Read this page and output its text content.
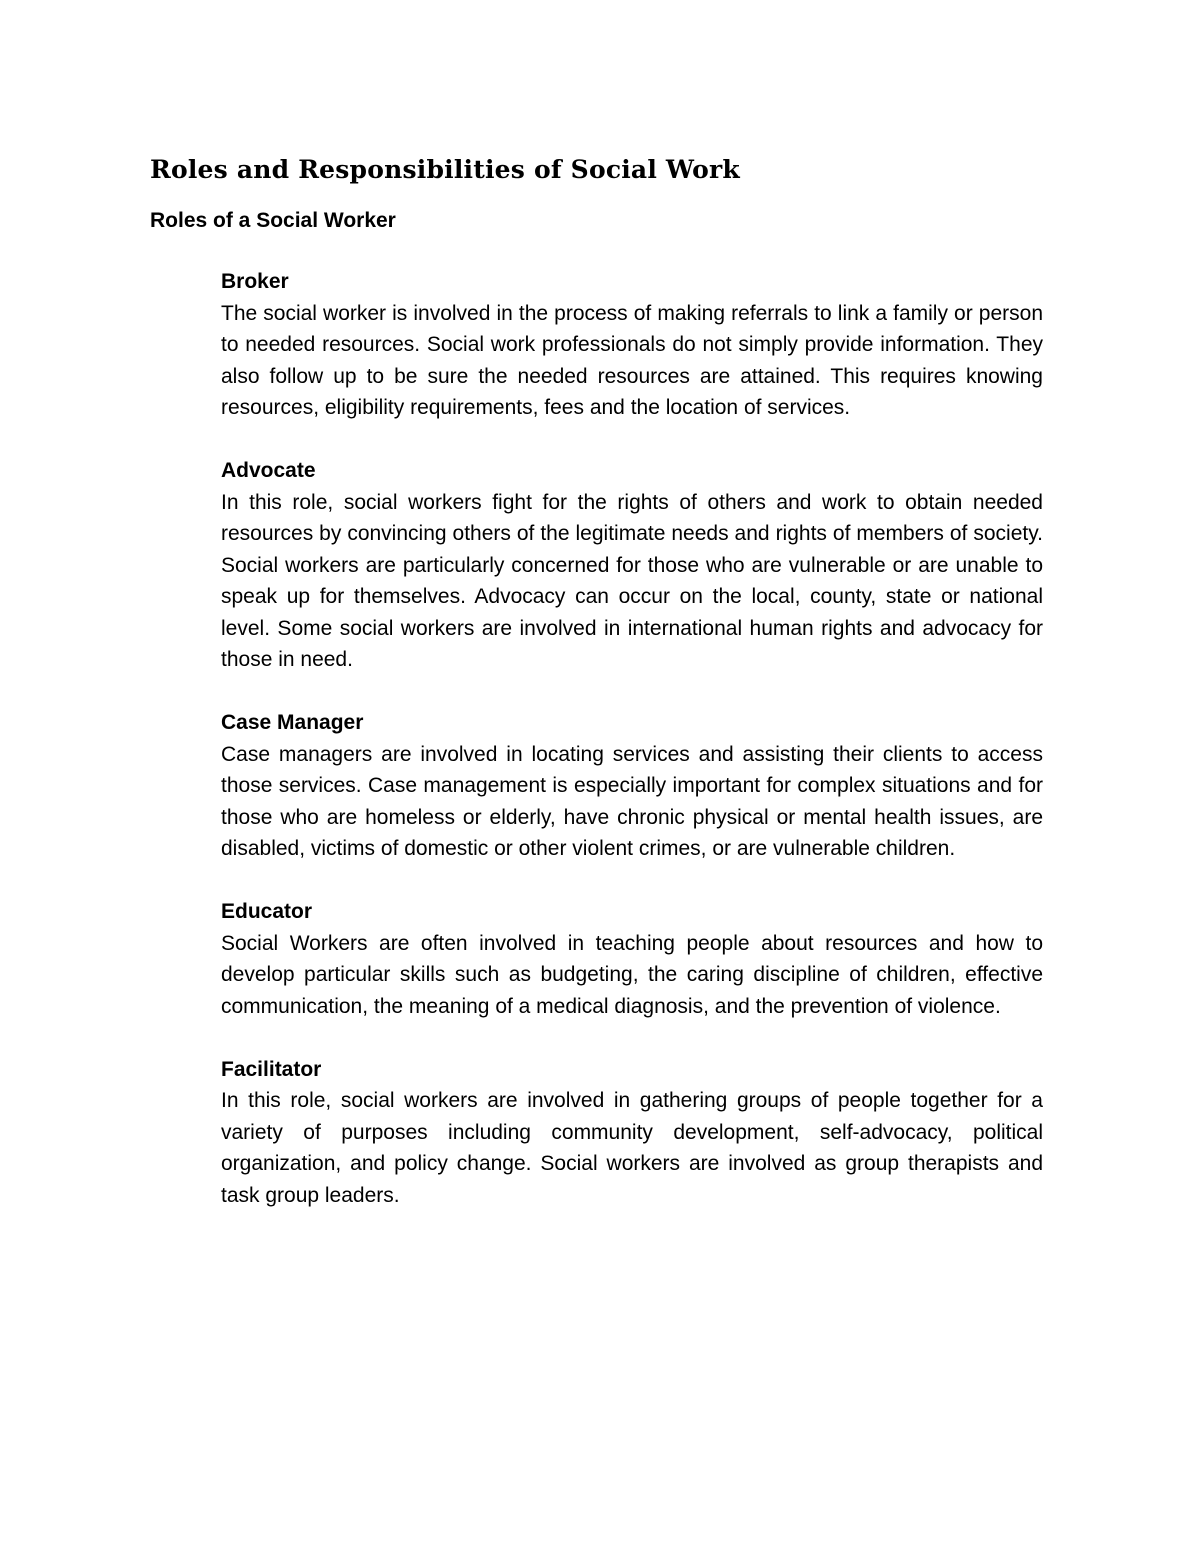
Roles and Responsibilities of Social Work
Roles of a Social Worker
Broker

The social worker is involved in the process of making referrals to link a family or person to needed resources. Social work professionals do not simply provide information. They also follow up to be sure the needed resources are attained. This requires knowing resources, eligibility requirements, fees and the location of services.

Advocate

In this role, social workers fight for the rights of others and work to obtain needed resources by convincing others of the legitimate needs and rights of members of society. Social workers are particularly concerned for those who are vulnerable or are unable to speak up for themselves. Advocacy can occur on the local, county, state or national level. Some social workers are involved in international human rights and advocacy for those in need.

Case Manager

Case managers are involved in locating services and assisting their clients to access those services. Case management is especially important for complex situations and for those who are homeless or elderly, have chronic physical or mental health issues, are disabled, victims of domestic or other violent crimes, or are vulnerable children.

Educator

Social Workers are often involved in teaching people about resources and how to develop particular skills such as budgeting, the caring discipline of children, effective communication, the meaning of a medical diagnosis, and the prevention of violence.

Facilitator

In this role, social workers are involved in gathering groups of people together for a variety of purposes including community development, self-advocacy, political organization, and policy change. Social workers are involved as group therapists and task group leaders.
